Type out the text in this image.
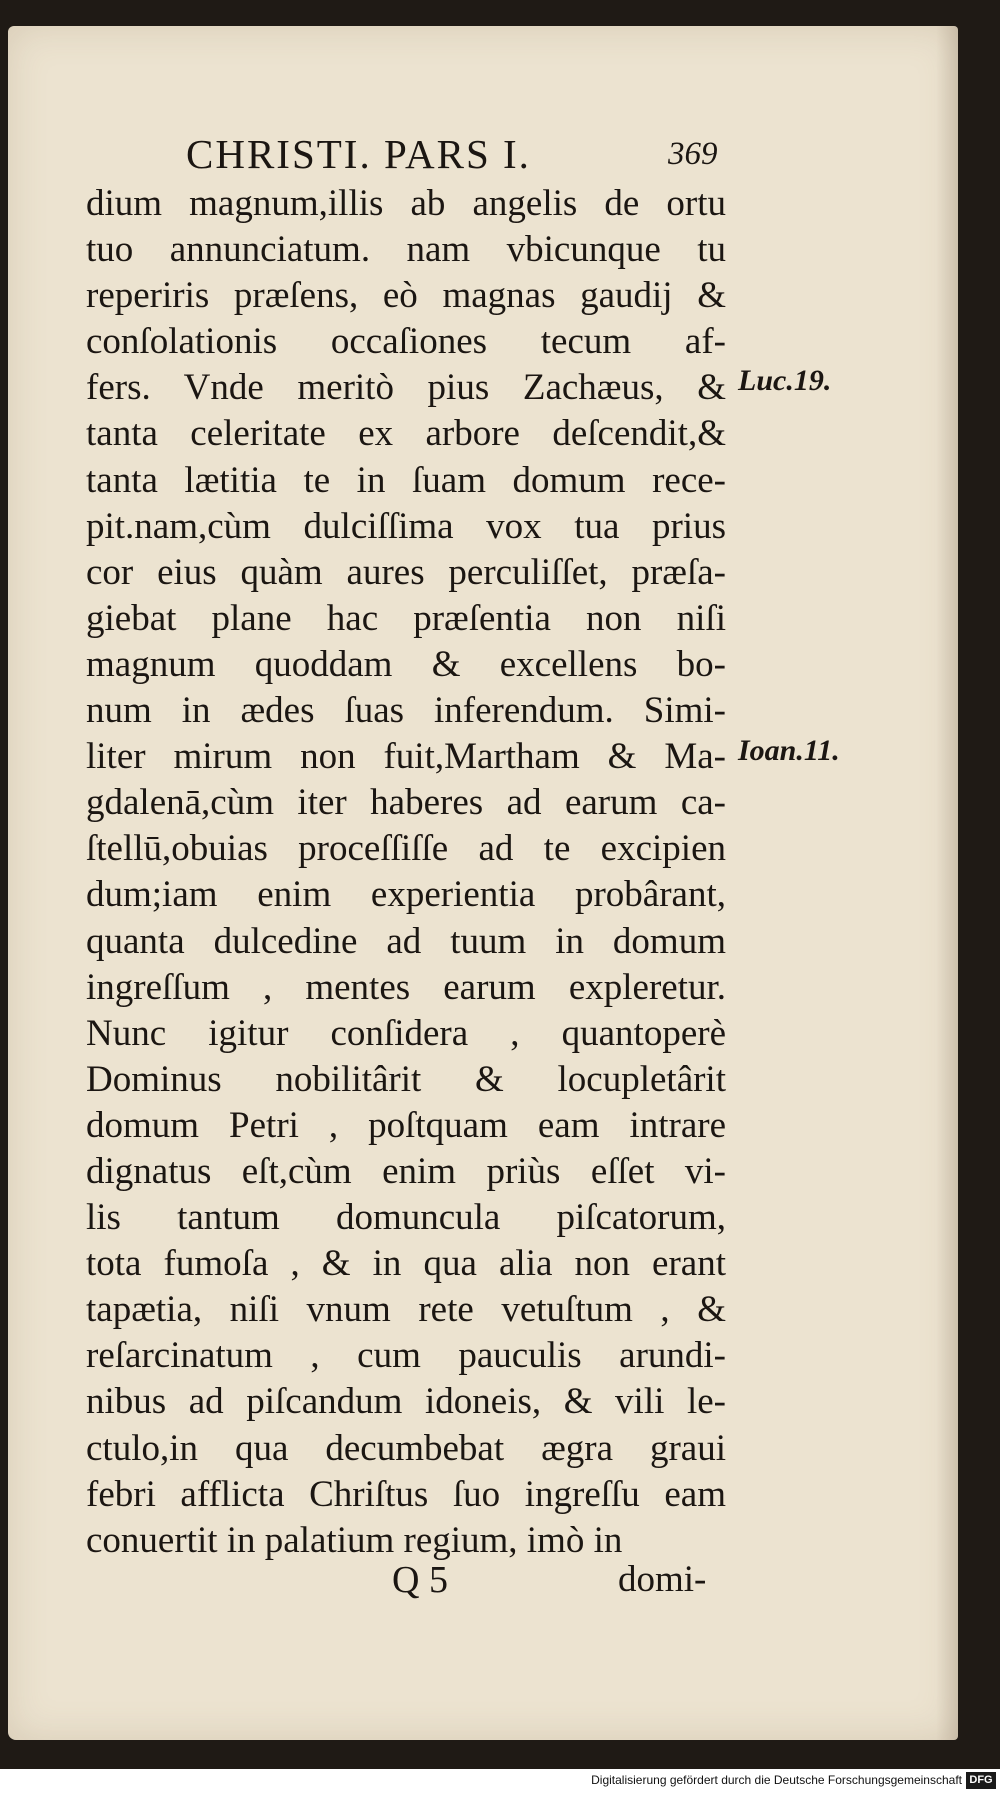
CHRISTI. PARS I.	369
dium magnum,illis ab angelis de ortu
tuo annunciatum. nam vbicunque tu
reperiris præſens, eò magnas gaudij &
conſolationis occaſiones tecum af-
fers. Vnde meritò pius Zachæus, &
tanta celeritate ex arbore deſcendit,&
tanta lætitia te in ſuam domum rece-
pit.nam,cùm dulciſſima vox tua prius
cor eius quàm aures perculiſſet, præſa-
giebat plane hac præſentia non niſi
magnum quoddam & excellens bo-
num in ædes ſuas inferendum. Simi-
liter mirum non fuit,Martham & Ma-
gdalenā,cùm iter haberes ad earum ca-
ſtellū,obuias proceſſiſſe ad te excipien
dum;iam enim experientia probârant,
quanta dulcedine ad tuum in domum
ingreſſum , mentes earum expleretur.
Nunc igitur conſidera , quantoperè
Dominus nobilitârit & locupletârit
domum Petri , poſtquam eam intrare
dignatus eſt,cùm enim priùs eſſet vi-
lis tantum domuncula piſcatorum,
tota fumoſa , & in qua alia non erant
tapætia, niſi vnum rete vetuſtum , &
reſarcinatum , cum pauculis arundi-
nibus ad piſcandum idoneis, & vili le-
ctulo,in qua decumbebat ægra graui
febri afflicta Chriſtus ſuo ingreſſu eam
conuertit in palatium regium, imò in
Luc.19.
Ioan.11.
Q 5	domi-
Digitalisierung gefördert durch die Deutsche Forschungsgemeinschaft DFG
